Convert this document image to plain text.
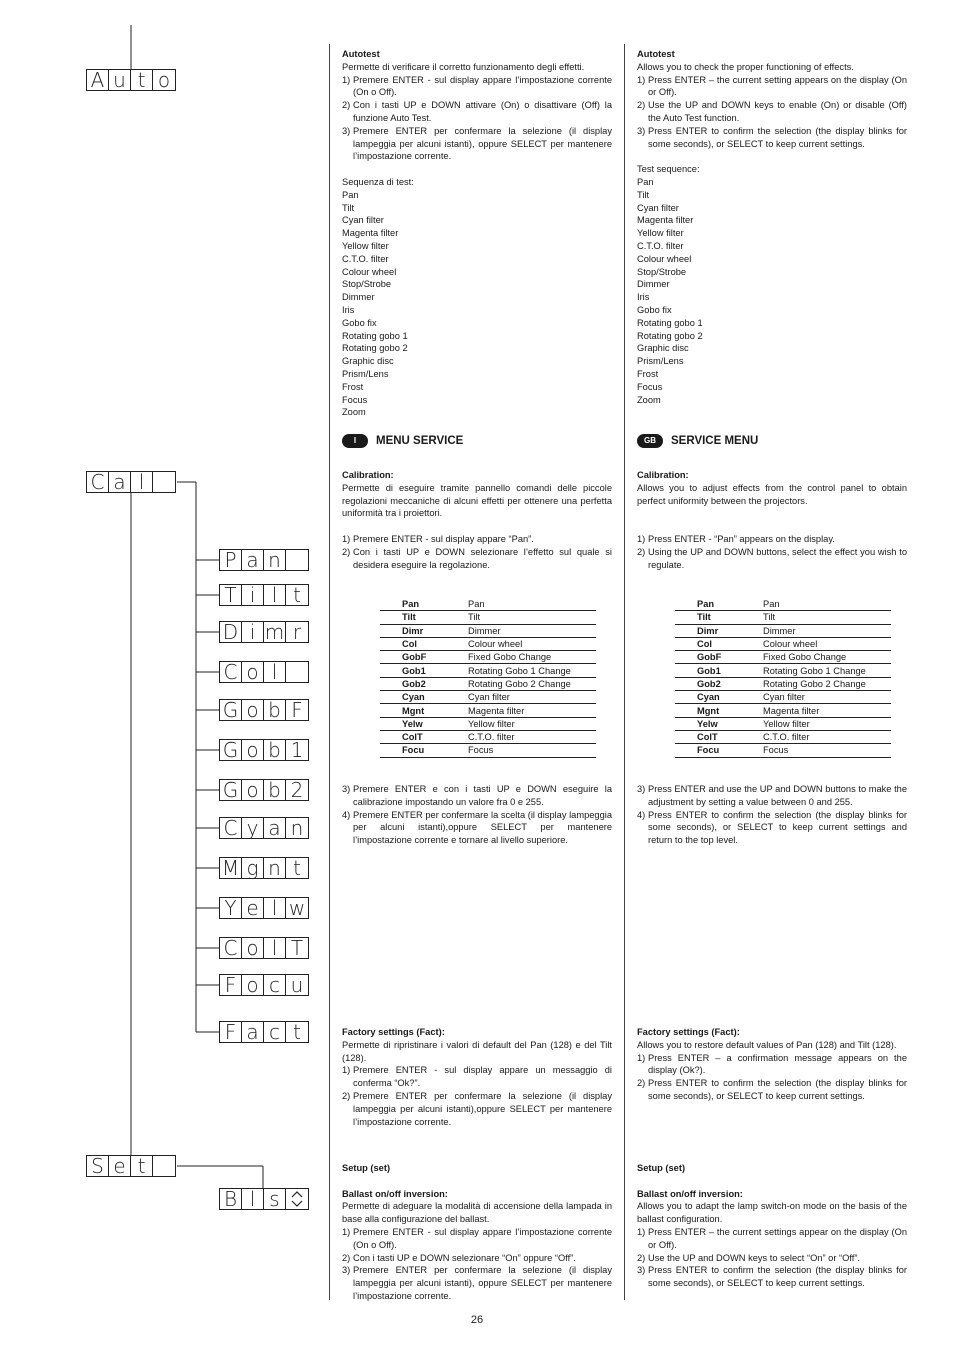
A u t o
C a l
P a n
T i l t
D i m r
C o l
G o b F
G o b 1
G o b 2
C y a n
M g n t
Y e l w
C o l T
F o c u
F a c t
S e t
B l s

Autotest

Permette di verificare il corretto funzionamento degli effetti.

1) Premere ENTER - sul display appare l’impostazione corrente (On o Off).
2) Con i tasti UP e DOWN attivare (On) o disattivare (Off) la funzione Auto Test.
3) Premere ENTER per confermare la selezione (il display lampeggia per alcuni istanti), oppure SELECT per mantenere l’impostazione corrente.

Sequenza di test:

Pan
Tilt
Cyan filter
Magenta filter
Yellow filter
C.T.O. filter
Colour wheel
Stop/Strobe
Dimmer
Iris
Gobo fix
Rotating gobo 1
Rotating gobo 2
Graphic disc
Prism/Lens
Frost
Focus
Zoom
I	MENU SERVICE

Calibration:

Permette di eseguire tramite pannello comandi delle piccole regolazioni meccaniche di alcuni effetti per ottenere una perfetta uniformità tra i proiettori.

1) Premere ENTER - sul display appare “Pan”.
2) Con i tasti UP e DOWN selezionare l’effetto sul quale si desidera eseguire la regolazione.
Pan	Pan
Tilt	Tilt
Dimr	Dimmer
Col	Colour wheel
GobF	Fixed Gobo Change
Gob1	Rotating Gobo 1 Change
Gob2	Rotating Gobo 2 Change
Cyan	Cyan filter
Mgnt	Magenta filter
Yelw	Yellow filter
ColT	C.T.O. filter
Focu	Focus
3) Premere ENTER e con i tasti UP e DOWN eseguire la calibrazione impostando un valore fra 0 e 255.
4) Premere ENTER per confermare la scelta (il display lampeggia per alcuni istanti),oppure SELECT per mantenere l’impostazione corrente e tornare al livello superiore.

Factory settings (Fact):

Permette di ripristinare i valori di default del Pan (128) e del Tilt (128).

1) Premere ENTER - sul display appare un messaggio di conferma “Ok?”.
2) Premere ENTER per confermare la selezione (il display lampeggia per alcuni istanti),oppure SELECT per mantenere l’impostazione corrente.

Setup (set)

Ballast on/off inversion:

Permette di adeguare la modalità di accensione della lampada in base alla configurazione del ballast.

1) Premere ENTER - sul display appare l’impostazione corrente (On o Off).
2) Con i tasti UP e DOWN selezionare “On” oppure “Off”.
3) Premere ENTER per confermare la selezione (il display lampeggia per alcuni istanti), oppure SELECT per mantenere l’impostazione corrente.

Autotest

Allows you to check the proper functioning of effects.

1) Press ENTER – the current setting appears on the display (On or Off).
2) Use the UP and DOWN keys to enable (On) or disable (Off) the Auto Test function.
3) Press ENTER to confirm the selection (the display blinks for some seconds), or SELECT to keep current settings.

Test sequence:

Pan
Tilt
Cyan filter
Magenta filter
Yellow filter
C.T.O. filter
Colour wheel
Stop/Strobe
Dimmer
Iris
Gobo fix
Rotating gobo 1
Rotating gobo 2
Graphic disc
Prism/Lens
Frost
Focus
Zoom
GB	SERVICE MENU

Calibration:

Allows you to adjust effects from the control panel to obtain perfect uniformity between the projectors.

1) Press ENTER - “Pan” appears on the display.
2) Using the UP and DOWN buttons, select the effect you wish to regulate.
Pan	Pan
Tilt	Tilt
Dimr	Dimmer
Col	Colour wheel
GobF	Fixed Gobo Change
Gob1	Rotating Gobo 1 Change
Gob2	Rotating Gobo 2 Change
Cyan	Cyan filter
Mgnt	Magenta filter
Yelw	Yellow filter
ColT	C.T.O. filter
Focu	Focus
3) Press ENTER and use the UP and DOWN buttons to make the adjustment by setting a value between 0 and 255.
4) Press ENTER to confirm the selection (the display blinks for some seconds), or SELECT to keep current settings and return to the top level.

Factory settings (Fact):

Allows you to restore default values of Pan (128) and Tilt (128).

1) Press ENTER – a confirmation message appears on the display (Ok?).
2) Press ENTER to confirm the selection (the display blinks for some seconds), or SELECT to keep current settings.

Setup (set)

Ballast on/off inversion:

Allows you to adapt the lamp switch-on mode on the basis of the ballast configuration.

1) Press ENTER – the current settings appear on the display (On or Off).
2) Use the UP and DOWN keys to select “On” or “Off”.
3) Press ENTER to confirm the selection (the display blinks for some seconds), or SELECT to keep current settings.
26
